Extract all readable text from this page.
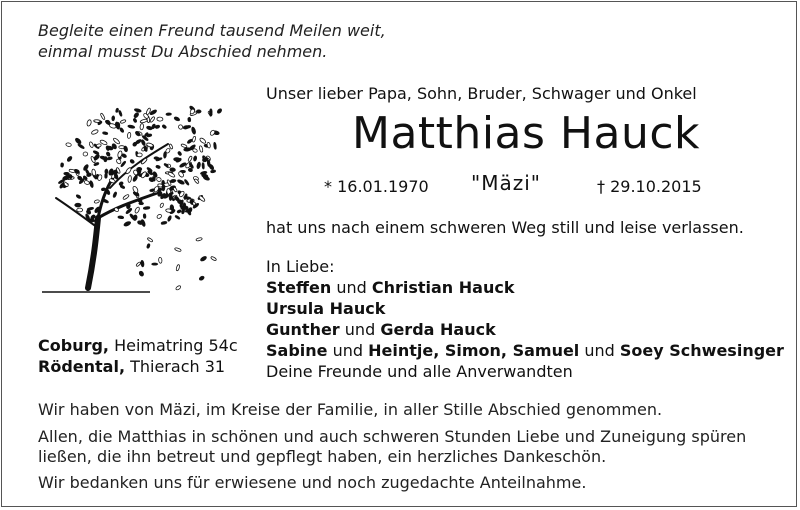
Begleite einen Freund tausend Meilen weit,
einmal musst Du Abschied nehmen.
Unser lieber Papa, Sohn, Bruder, Schwager und Onkel
Matthias Hauck
* 16.01.1970 "Mäzi"	† 29.10.2015
hat uns nach einem schweren Weg still und leise verlassen.
In Liebe:
Steffen und Christian Hauck
Ursula Hauck
Gunther und Gerda Hauck
Sabine und Heintje, Simon, Samuel und Soey Schwesinger
Deine Freunde und alle Anverwandten
Coburg, Heimatring 54c
Rödental, Thierach 31
Wir haben von Mäzi, im Kreise der Familie, in aller Stille Abschied genommen.
Allen, die Matthias in schönen und auch schweren Stunden Liebe und Zuneigung spüren
ließen, die ihn betreut und gepflegt haben, ein herzliches Dankeschön.
Wir bedanken uns für erwiesene und noch zugedachte Anteilnahme.
